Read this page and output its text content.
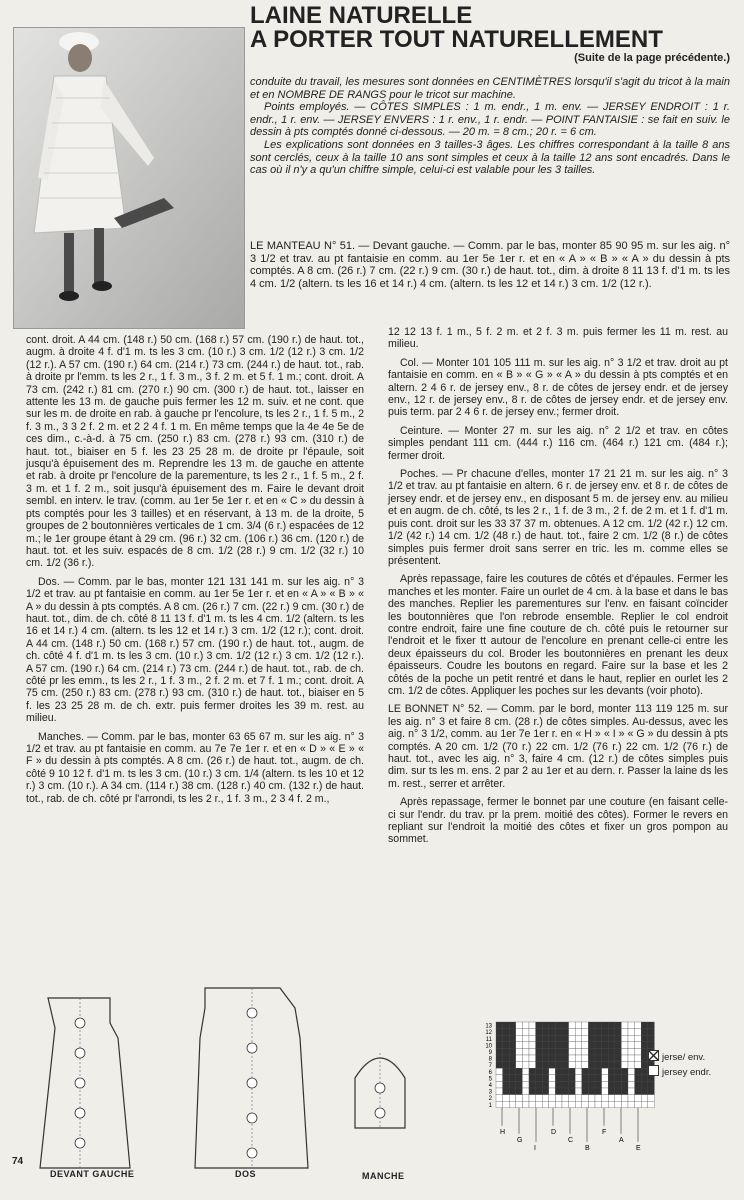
LAINE NATURELLE
A PORTER TOUT NATURELLEMENT
(Suite de la page précédente.)

conduite du travail, les mesures sont données en CENTIMÈTRES lorsqu'il s'agit du tricot à la main et en NOMBRE DE RANGS pour le tricot sur machine.

Points employés. — CÔTES SIMPLES : 1 m. endr., 1 m. env. — JERSEY ENDROIT : 1 r. endr., 1 r. env. — JERSEY ENVERS : 1 r. env., 1 r. endr. — POINT FANTAISIE : se fait en suiv. le dessin à pts comptés donné ci-dessous. — 20 m. = 8 cm.; 20 r. = 6 cm.

Les explications sont données en 3 tailles-3 âges. Les chiffres correspondant à la taille 8 ans sont cerclés, ceux à la taille 10 ans sont simples et ceux à la taille 12 ans sont encadrés. Dans le cas où il n'y a qu'un chiffre simple, celui-ci est valable pour les 3 tailles.

LE MANTEAU N° 51. — Devant gauche. — Comm. par le bas, monter 85 90 95 m. sur les aig. n° 3 1/2 et trav. au pt fantaisie en comm. au 1er 5e 1er r. et en « A » « B » « A » du dessin à pts comptés. A 8 cm. (26 r.) 7 cm. (22 r.) 9 cm. (30 r.) de haut. tot., dim. à droite 8 11 13 f. d'1 m. ts les 4 cm. 1/2 (altern. ts les 16 et 14 r.) 4 cm. (altern. ts les 12 et 14 r.) 3 cm. 1/2 (12 r.).

cont. droit. A 44 cm. (148 r.) 50 cm. (168 r.) 57 cm. (190 r.) de haut. tot., augm. à droite 4 f. d'1 m. ts les 3 cm. (10 r.) 3 cm. 1/2 (12 r.) 3 cm. 1/2 (12 r.). A 57 cm. (190 r.) 64 cm. (214 r.) 73 cm. (244 r.) de haut. tot., rab. à droite pr l'emm. ts les 2 r., 1 f. 3 m., 3 f. 2 m. et 5 f. 1 m.; cont. droit. A 73 cm. (242 r.) 81 cm. (270 r.) 90 cm. (300 r.) de haut. tot., laisser en attente les 13 m. de gauche puis fermer les 12 m. suiv. et ne cont. que sur les m. de droite en rab. à gauche pr l'encolure, ts les 2 r., 1 f. 5 m., 2 f. 3 m., 3 3 2 f. 2 m. et 2 2 4 f. 1 m. En même temps que la 4e 4e 5e de ces dim., c.-à-d. à 75 cm. (250 r.) 83 cm. (278 r.) 93 cm. (310 r.) de haut. tot., biaiser en 5 f. les 23 25 28 m. de droite pr l'épaule, soit jusqu'à épuisement des m. Reprendre les 13 m. de gauche en attente et rab. à droite pr l'encolure de la parementure, ts les 2 r., 1 f. 5 m., 2 f. 3 m. et 1 f. 2 m., soit jusqu'à épuisement des m. Faire le devant droit sembl. en interv. le trav. (comm. au 1er 5e 1er r. et en « C » du dessin à pts comptés pour les 3 tailles) et en réservant, à 13 m. de la droite, 5 groupes de 2 boutonnières verticales de 1 cm. 3/4 (6 r.) espacées de 12 m.; le 1er groupe étant à 29 cm. (96 r.) 32 cm. (106 r.) 36 cm. (120 r.) de haut. tot. et les suiv. espacés de 8 cm. 1/2 (28 r.) 9 cm. 1/2 (32 r.) 10 cm. 1/2 (36 r.).

Dos. — Comm. par le bas, monter 121 131 141 m. sur les aig. n° 3 1/2 et trav. au pt fantaisie en comm. au 1er 5e 1er r. et en « A » « B » « A » du dessin à pts comptés. A 8 cm. (26 r.) 7 cm. (22 r.) 9 cm. (30 r.) de haut. tot., dim. de ch. côté 8 11 13 f. d'1 m. ts les 4 cm. 1/2 (altern. ts les 16 et 14 r.) 4 cm. (altern. ts les 12 et 14 r.) 3 cm. 1/2 (12 r.); cont. droit. A 44 cm. (148 r.) 50 cm. (168 r.) 57 cm. (190 r.) de haut. tot., augm. de ch. côté 4 f. d'1 m. ts les 3 cm. (10 r.) 3 cm. 1/2 (12 r.) 3 cm. 1/2 (12 r.). A 57 cm. (190 r.) 64 cm. (214 r.) 73 cm. (244 r.) de haut. tot., rab. de ch. côté pr les emm., ts les 2 r., 1 f. 3 m., 2 f. 2 m. et 7 f. 1 m.; cont. droit. A 75 cm. (250 r.) 83 cm. (278 r.) 93 cm. (310 r.) de haut. tot., biaiser en 5 f. les 23 25 28 m. de ch. extr. puis fermer droites les 39 m. rest. au milieu.

Manches. — Comm. par le bas, monter 63 65 67 m. sur les aig. n° 3 1/2 et trav. au pt fantaisie en comm. au 7e 7e 1er r. et en « D » « E » « F » du dessin à pts comptés. A 8 cm. (26 r.) de haut. tot., augm. de ch. côté 9 10 12 f. d'1 m. ts les 3 cm. (10 r.) 3 cm. 1/4 (altern. ts les 10 et 12 r.) 3 cm. (10 r.). A 34 cm. (114 r.) 38 cm. (128 r.) 40 cm. (132 r.) de haut. tot., rab. de ch. côté pr l'arrondi, ts les 2 r., 1 f. 3 m., 2 3 4 f. 2 m.,

12 12 13 f. 1 m., 5 f. 2 m. et 2 f. 3 m. puis fermer les 11 m. rest. au milieu.

Col. — Monter 101 105 111 m. sur les aig. n° 3 1/2 et trav. droit au pt fantaisie en comm. en « B » « G » « A » du dessin à pts comptés et en altern. 2 4 6 r. de jersey env., 8 r. de côtes de jersey endr. et de jersey env., 12 r. de jersey env., 8 r. de côtes de jersey endr. et de jersey env. puis term. par 2 4 6 r. de jersey env.; fermer droit.

Ceinture. — Monter 27 m. sur les aig. n° 2 1/2 et trav. en côtes simples pendant 111 cm. (444 r.) 116 cm. (464 r.) 121 cm. (484 r.); fermer droit.

Poches. — Pr chacune d'elles, monter 17 21 21 m. sur les aig. n° 3 1/2 et trav. au pt fantaisie en altern. 6 r. de jersey env. et 8 r. de côtes de jersey endr. et de jersey env., en disposant 5 m. de jersey env. au milieu et en augm. de ch. côté, ts les 2 r., 1 f. de 3 m., 2 f. de 2 m. et 1 f. d'1 m. puis cont. droit sur les 33 37 37 m. obtenues. A 12 cm. 1/2 (42 r.) 12 cm. 1/2 (42 r.) 14 cm. 1/2 (48 r.) de haut. tot., faire 2 cm. 1/2 (8 r.) de côtes simples puis fermer droit sans serrer en tric. les m. comme elles se présentent.

Après repassage, faire les coutures de côtés et d'épaules. Fermer les manches et les monter. Faire un ourlet de 4 cm. à la base et dans le bas des manches. Replier les parementures sur l'env. en faisant coïncider les boutonnières que l'on rebrode ensemble. Replier le col endroit contre endroit, faire une fine couture de ch. côté puis le retourner sur l'endroit et le fixer tt autour de l'encolure en prenant celle-ci entre les deux épaisseurs du col. Broder les boutonnières en prenant les deux épaisseurs. Coudre les boutons en regard. Faire sur la base et les 2 côtés de la poche un petit rentré et dans le haut, replier en ourlet les 2 cm. 1/2 de côtes. Appliquer les poches sur les devants (voir photo).

LE BONNET N° 52. — Comm. par le bord, monter 113 119 125 m. sur les aig. n° 3 et faire 8 cm. (28 r.) de côtes simples. Au-dessus, avec les aig. n° 3 1/2, comm. au 1er 7e 1er r. en « H » « I » « G » du dessin à pts comptés. A 20 cm. 1/2 (70 r.) 22 cm. 1/2 (76 r.) 22 cm. 1/2 (76 r.) de haut. tot., avec les aig. n° 3, faire 4 cm. (12 r.) de côtes simples puis dim. sur ts les m. ens. 2 par 2 au 1er et au dern. r. Passer la laine ds les m. rest., serrer et arrêter.

Après repassage, fermer le bonnet par une couture (en faisant celle-ci sur l'endr. du trav. pr la prem. moitié des côtes). Former le revers en repliant sur l'endroit la moitié des côtes et fixer un gros pompon au sommet.

DEVANT GAUCHE	DOS	MANCHE
13
12
11
10
9
8
7
6
5
4
3
2
1
H
G
I
D
C
B
F
A
E
jerse/ env.
jersey endr.
74
